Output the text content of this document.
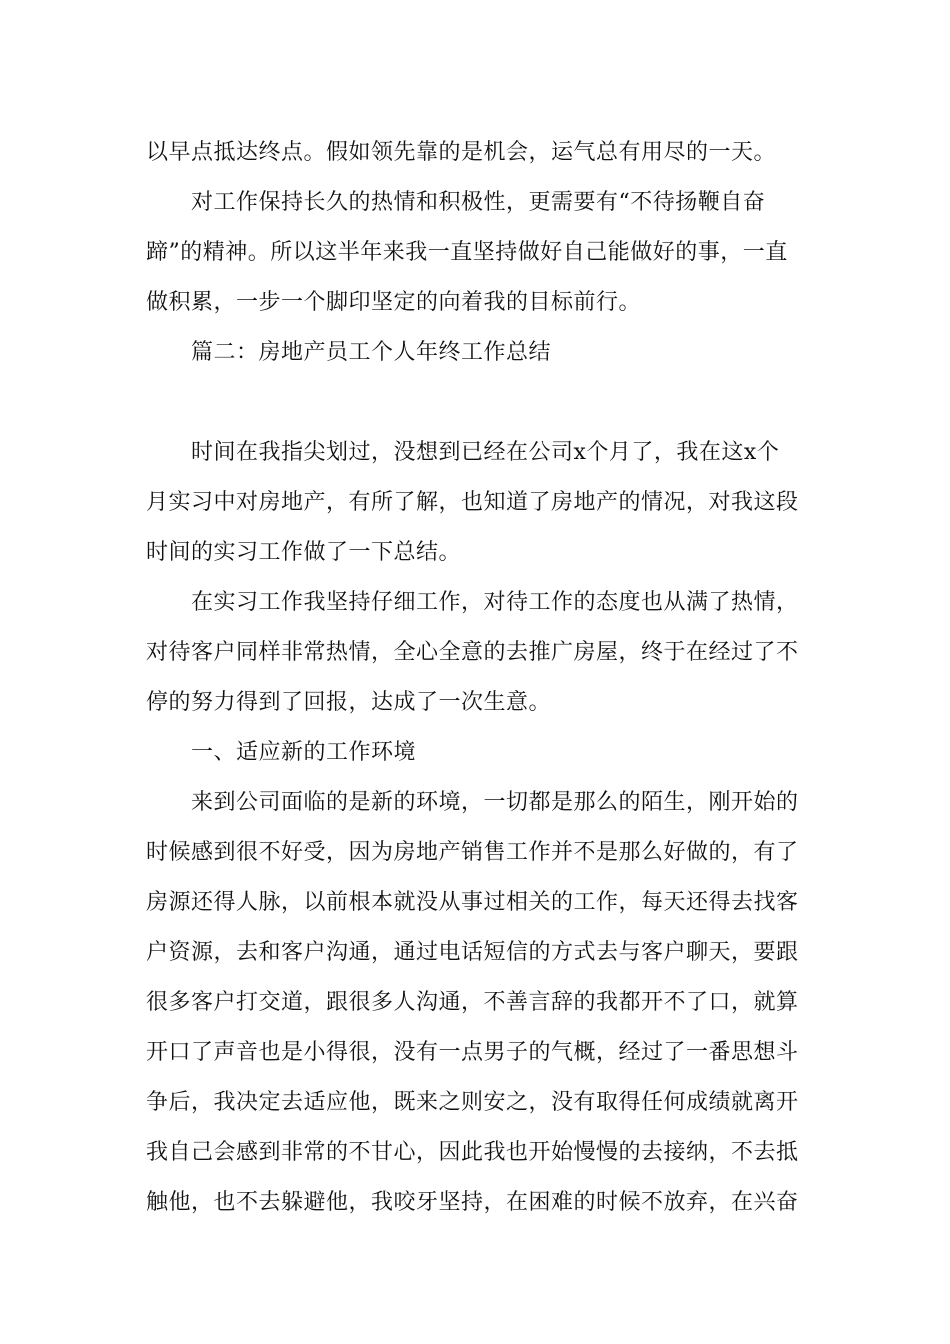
以早点抵达终点。假如领先靠的是机会，运气总有用尽的一天。
　　对工作保持长久的热情和积极性，更需要有“不待扬鞭自奋
蹄”的精神。所以这半年来我一直坚持做好自己能做好的事，一直
做积累，一步一个脚印坚定的向着我的目标前行。
　　篇二：房地产员工个人年终工作总结
　　时间在我指尖划过，没想到已经在公司x个月了，我在这x个
月实习中对房地产，有所了解，也知道了房地产的情况，对我这段
时间的实习工作做了一下总结。
　　在实习工作我坚持仔细工作，对待工作的态度也从满了热情，
对待客户同样非常热情，全心全意的去推广房屋，终于在经过了不
停的努力得到了回报，达成了一次生意。
　　一、适应新的工作环境
　　来到公司面临的是新的环境，一切都是那么的陌生，刚开始的
时候感到很不好受，因为房地产销售工作并不是那么好做的，有了
房源还得人脉，以前根本就没从事过相关的工作，每天还得去找客
户资源，去和客户沟通，通过电话短信的方式去与客户聊天，要跟
很多客户打交道，跟很多人沟通，不善言辞的我都开不了口，就算
开口了声音也是小得很，没有一点男子的气概，经过了一番思想斗
争后，我决定去适应他，既来之则安之，没有取得任何成绩就离开
我自己会感到非常的不甘心，因此我也开始慢慢的去接纳，不去抵
触他，也不去躲避他，我咬牙坚持，在困难的时候不放弃，在兴奋
